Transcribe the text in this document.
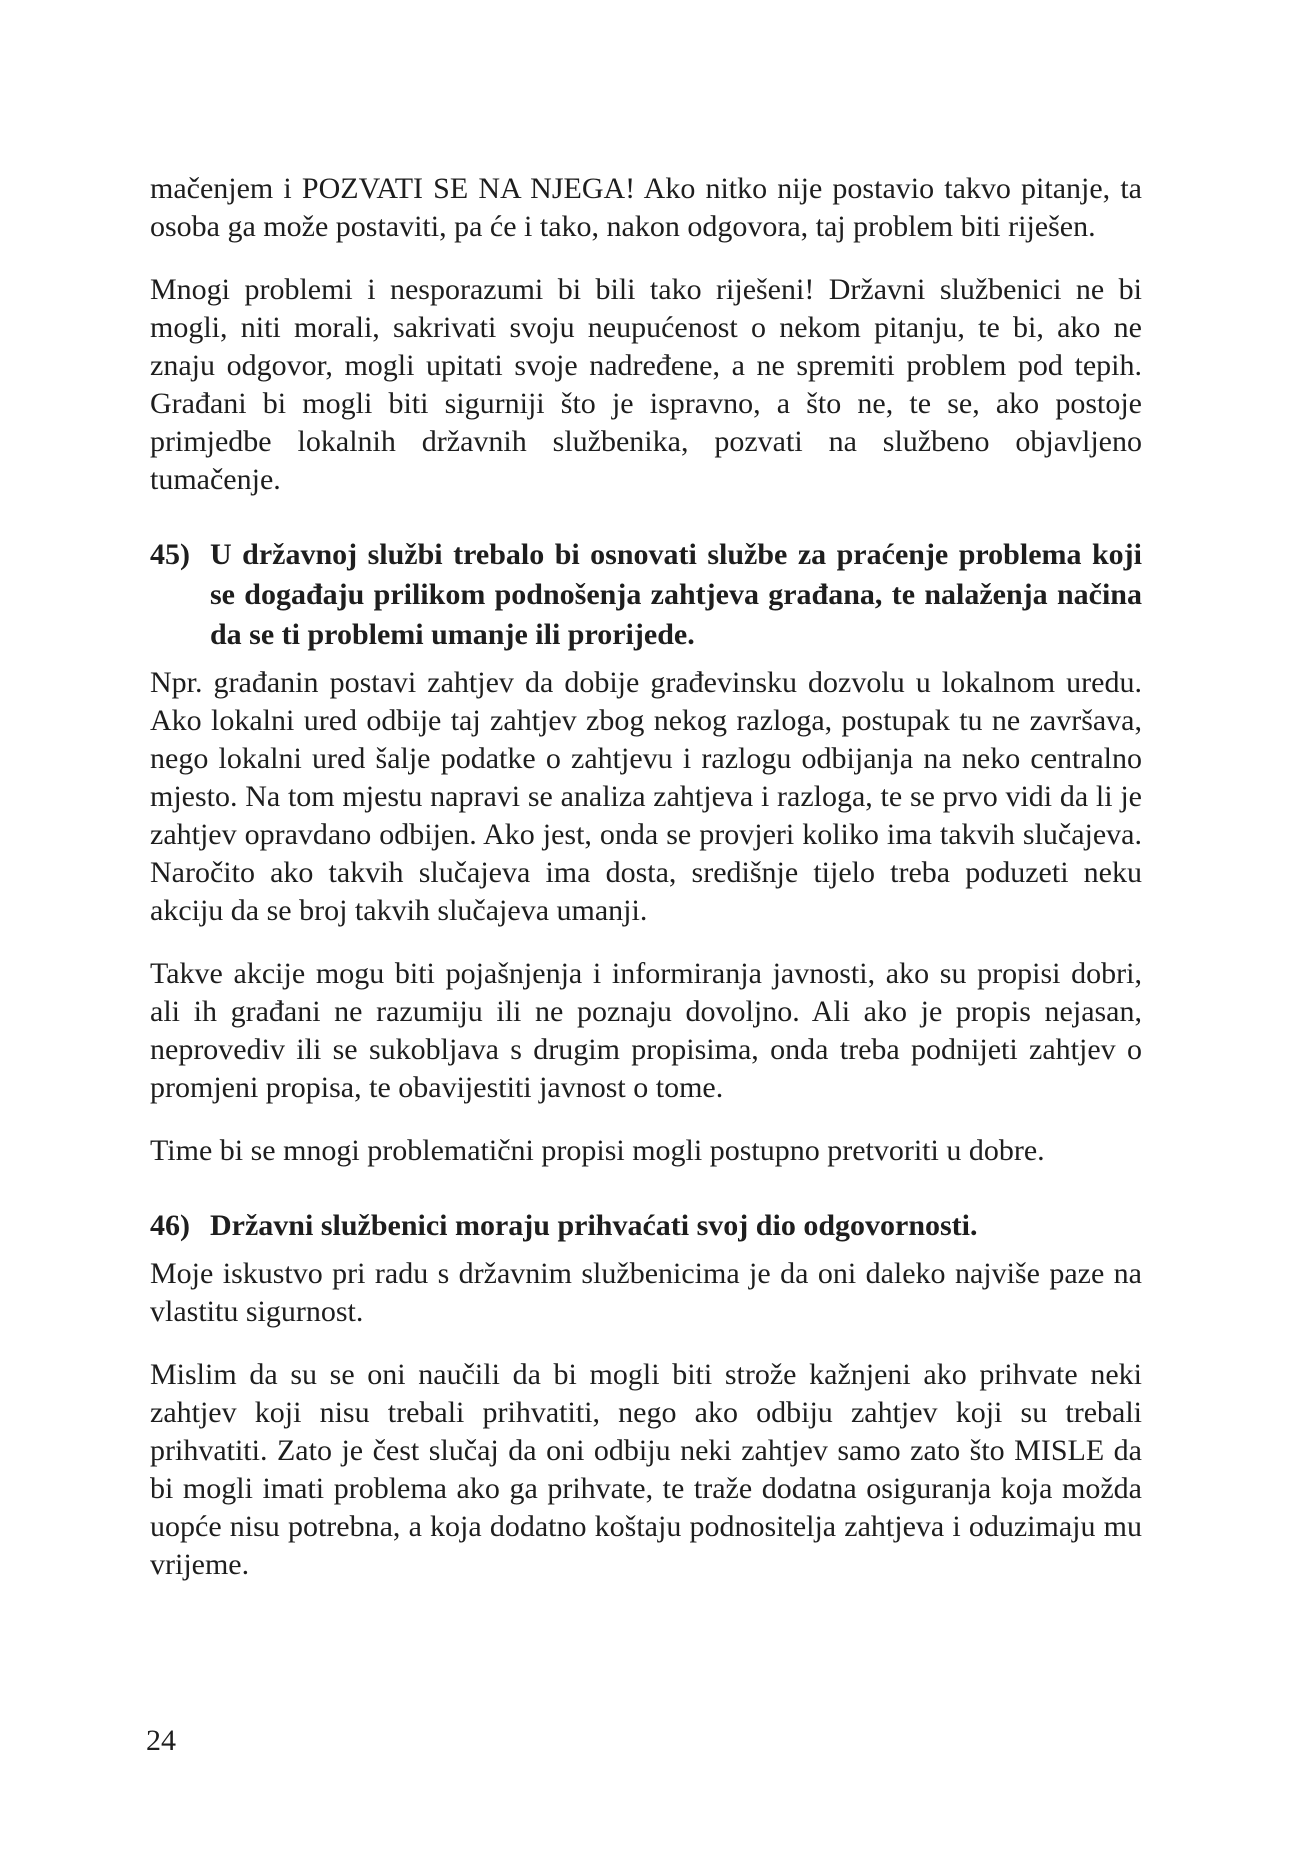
mačenjem i POZVATI SE NA NJEGA! Ako nitko nije postavio takvo pitanje, ta osoba ga može postaviti, pa će i tako, nakon odgovora, taj problem biti riješen.

Mnogi problemi i nesporazumi bi bili tako riješeni! Državni službenici ne bi mogli, niti morali, sakrivati svoju neupućenost o nekom pitanju, te bi, ako ne znaju odgovor, mogli upitati svoje nadređene, a ne spremiti problem pod tepih. Građani bi mogli biti sigurniji što je ispravno, a što ne, te se, ako postoje primjedbe lokalnih državnih službenika, pozvati na službeno objavljeno tumačenje.

45) U državnoj službi trebalo bi osnovati službe za praćenje problema koji se događaju prilikom podnošenja zahtjeva građana, te nalaženja načina da se ti problemi umanje ili prorijede.

Npr. građanin postavi zahtjev da dobije građevinsku dozvolu u lokalnom uredu. Ako lokalni ured odbije taj zahtjev zbog nekog razloga, postupak tu ne završava, nego lokalni ured šalje podatke o zahtjevu i razlogu odbijanja na neko centralno mjesto. Na tom mjestu napravi se analiza zahtjeva i razloga, te se prvo vidi da li je zahtjev opravdano odbijen. Ako jest, onda se provjeri koliko ima takvih slučajeva. Naročito ako takvih slučajeva ima dosta, središnje tijelo treba poduzeti neku akciju da se broj takvih slučajeva umanji.

Takve akcije mogu biti pojašnjenja i informiranja javnosti, ako su propisi dobri, ali ih građani ne razumiju ili ne poznaju dovoljno. Ali ako je propis nejasan, neprovediv ili se sukobljava s drugim propisima, onda treba podnijeti zahtjev o promjeni propisa, te obavijestiti javnost o tome.

Time bi se mnogi problematični propisi mogli postupno pretvoriti u dobre.

46) Državni službenici moraju prihvaćati svoj dio odgovornosti.

Moje iskustvo pri radu s državnim službenicima je da oni daleko najviše paze na vlastitu sigurnost.

Mislim da su se oni naučili da bi mogli biti strože kažnjeni ako prihvate neki zahtjev koji nisu trebali prihvatiti, nego ako odbiju zahtjev koji su trebali prihvatiti. Zato je čest slučaj da oni odbiju neki zahtjev samo zato što MISLE da bi mogli imati problema ako ga prihvate, te traže dodatna osiguranja koja možda uopće nisu potrebna, a koja dodatno koštaju podnositelja zahtjeva i oduzimaju mu vrijeme.

24
